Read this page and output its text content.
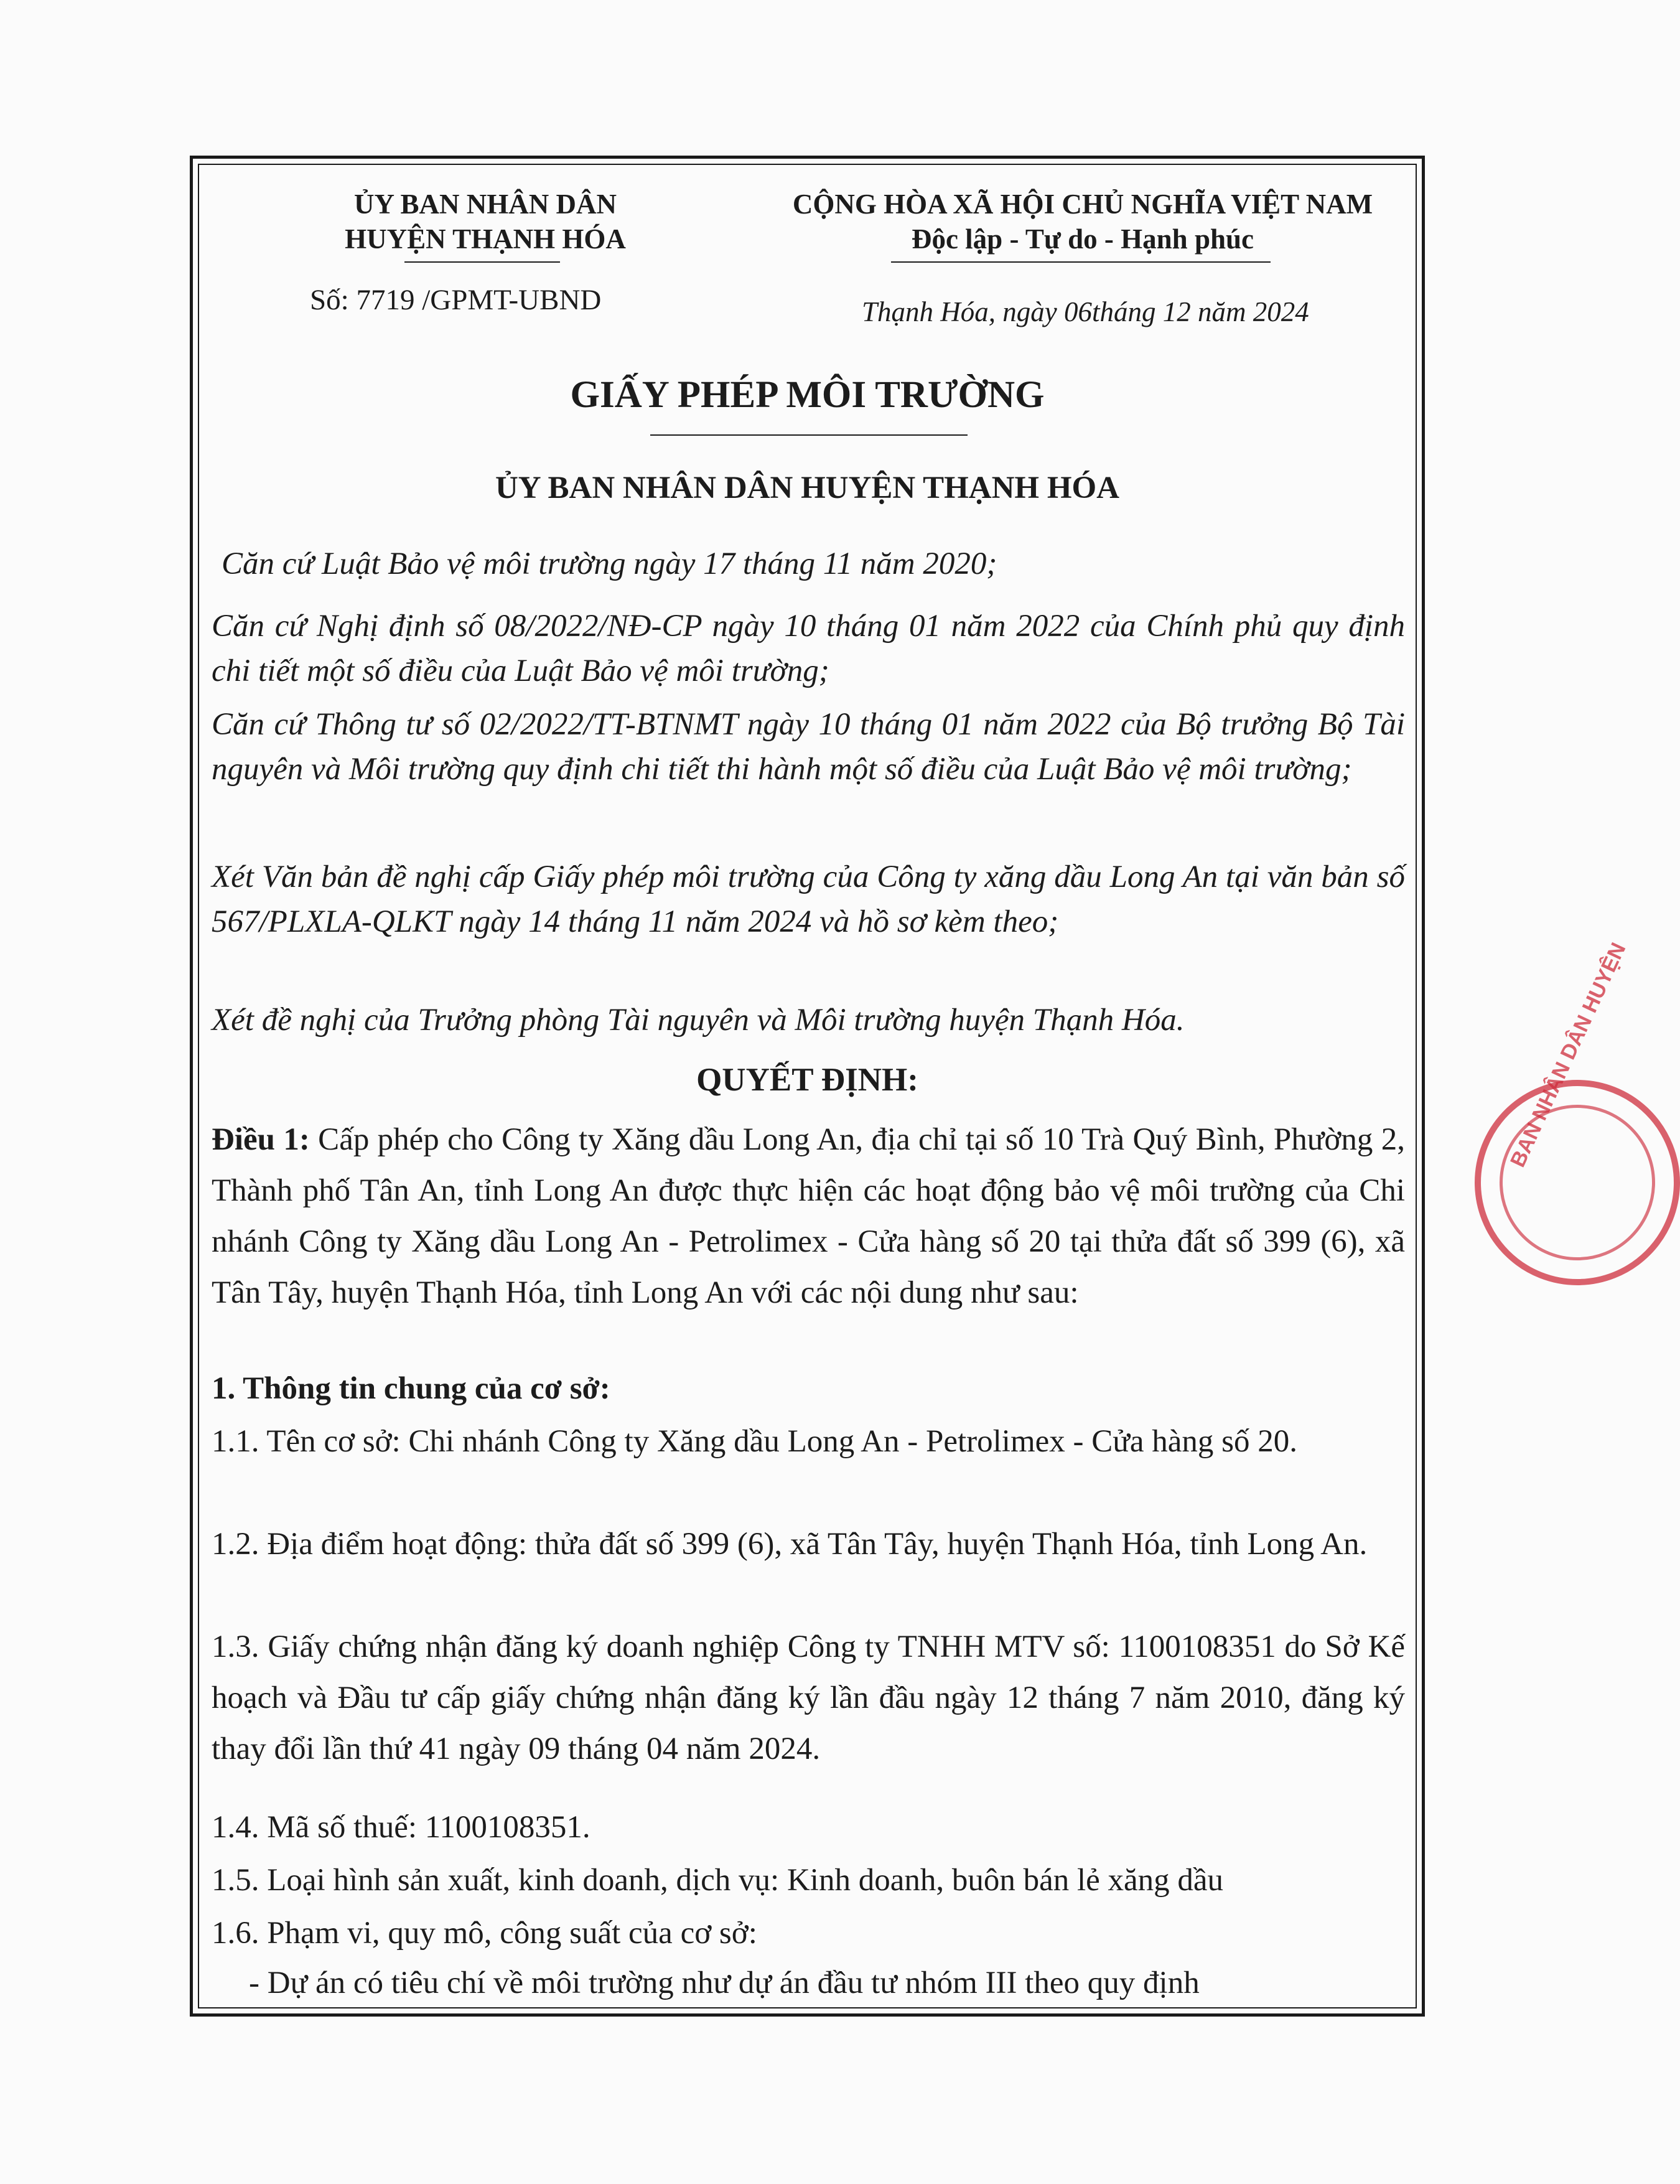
ỦY BAN NHÂN DÂN
HUYỆN THẠNH HÓA
Số: 7719 /GPMT-UBND
CỘNG HÒA XÃ HỘI CHỦ NGHĨA VIỆT NAM
Độc lập - Tự do - Hạnh phúc
Thạnh Hóa, ngày 06tháng 12 năm 2024
GIẤY PHÉP MÔI TRƯỜNG
ỦY BAN NHÂN DÂN HUYỆN THẠNH HÓA
Căn cứ Luật Bảo vệ môi trường ngày 17 tháng 11 năm 2020;
Căn cứ Nghị định số 08/2022/NĐ-CP ngày 10 tháng 01 năm 2022 của Chính phủ quy định chi tiết một số điều của Luật Bảo vệ môi trường;
Căn cứ Thông tư số 02/2022/TT-BTNMT ngày 10 tháng 01 năm 2022 của Bộ trưởng Bộ Tài nguyên và Môi trường quy định chi tiết thi hành một số điều của Luật Bảo vệ môi trường;
Xét Văn bản đề nghị cấp Giấy phép môi trường của Công ty xăng dầu Long An tại văn bản số 567/PLXLA-QLKT ngày 14 tháng 11 năm 2024 và hồ sơ kèm theo;
Xét đề nghị của Trưởng phòng Tài nguyên và Môi trường huyện Thạnh Hóa.
QUYẾT ĐỊNH:
Điều 1: Cấp phép cho Công ty Xăng dầu Long An, địa chỉ tại số 10 Trà Quý Bình, Phường 2, Thành phố Tân An, tỉnh Long An được thực hiện các hoạt động bảo vệ môi trường của Chi nhánh Công ty Xăng dầu Long An - Petrolimex - Cửa hàng số 20 tại thửa đất số 399 (6), xã Tân Tây, huyện Thạnh Hóa, tỉnh Long An với các nội dung như sau:
1. Thông tin chung của cơ sở:
1.1. Tên cơ sở: Chi nhánh Công ty Xăng dầu Long An - Petrolimex - Cửa hàng số 20.
1.2. Địa điểm hoạt động: thửa đất số 399 (6), xã Tân Tây, huyện Thạnh Hóa, tỉnh Long An.
1.3. Giấy chứng nhận đăng ký doanh nghiệp Công ty TNHH MTV số: 1100108351 do Sở Kế hoạch và Đầu tư cấp giấy chứng nhận đăng ký lần đầu ngày 12 tháng 7 năm 2010, đăng ký thay đổi lần thứ 41 ngày 09 tháng 04 năm 2024.
1.4. Mã số thuế: 1100108351.
1.5. Loại hình sản xuất, kinh doanh, dịch vụ: Kinh doanh, buôn bán lẻ xăng dầu
1.6. Phạm vi, quy mô, công suất của cơ sở:
- Dự án có tiêu chí về môi trường như dự án đầu tư nhóm III theo quy định
BAN NHÂN DÂN HUYỆN
